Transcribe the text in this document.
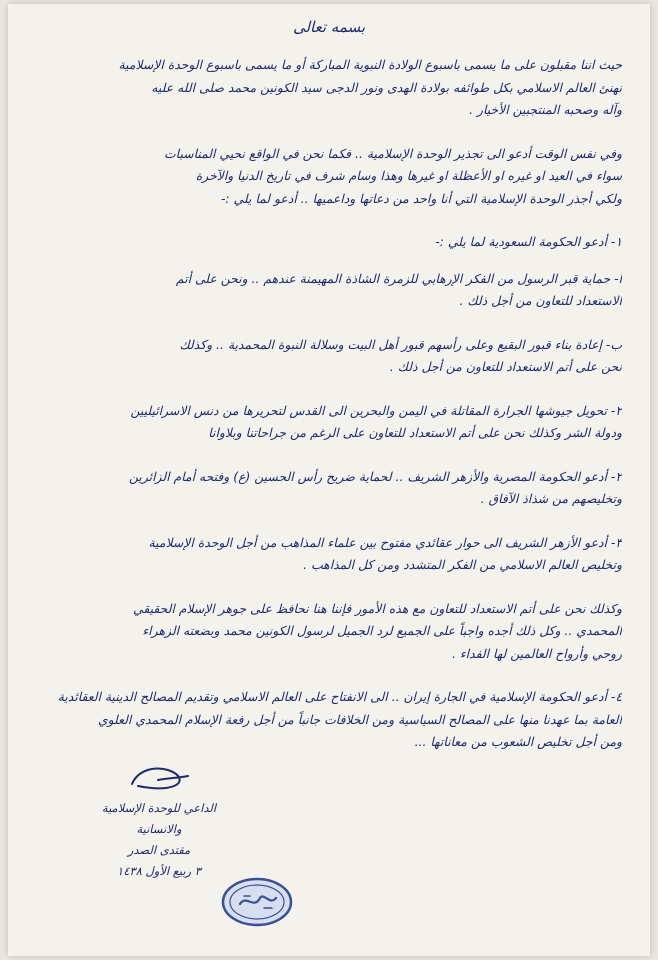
بسمه تعالى
حيث اننا مقبلون على ما يسمى باسبوع الولادة النبوية المباركة أو ما يسمى باسبوع الوحدة الإسلامية
نهنئ العالم الاسلامي بكل طوائفه بولادة الهدى ونور الدجى سيد الكونين محمد صلى الله عليه
وآله وصحبه المنتجبين الأخيار .
وفي نفس الوقت أدعو الى تجذير الوحدة الإسلامية .. فكما نحن في الواقع نحيي المناسبات
سواء في العيد او غيره او الأعظلة او غيرها وهذا وسام شرف في تاريخ الدنيا والآخرة
ولكي أجذر الوحدة الإسلامية التي أنا واحد من دعاتها وداعميها .. أدعو لما يلي :-
١- أدعو الحكومة السعودية لما يلي :-
أ- حماية قبر الرسول من الفكر الإرهابي للزمرة الشاذة المهيمنة عندهم .. ونحن على أتم
الاستعداد للتعاون من أجل ذلك .
ب- إعادة بناء قبور البقيع وعلى رأسهم قبور أهل البيت وسلالة النبوة المحمدية .. وكذلك
نحن على أتم الاستعداد للتعاون من أجل ذلك .
٢- تحويل جيوشها الجرارة المقاتلة في اليمن والبحرين الى القدس لتحريرها من دنس الاسرائيليين
ودولة الشر وكذلك نحن على أتم الاستعداد للتعاون على الرغم من جراحاتنا وبلاوانا
٢- أدعو الحكومة المصرية والأزهر الشريف .. لحماية ضريح رأس الحسين (ع) وفتحه أمام الزائرين
وتخليصهم من شذاذ الآفاق .
٣- أدعو الأزهر الشريف الى حوار عقائدي مفتوح بين علماء المذاهب من أجل الوحدة الإسلامية
وتخليص العالم الاسلامي من الفكر المتشدد ومن كل المذاهب .
وكذلك نحن على أتم الاستعداد للتعاون مع هذه الأمور فإننا هنا نحافظ على جوهر الإسلام الحقيقي
المحمدي .. وكل ذلك أجده واجباً على الجميع لرد الجميل لرسول الكونين محمد وبضعته الزهراء
روحي وأرواح العالمين لها الفداء .
٤- أدعو الحكومة الإسلامية في الجارة إيران .. الى الانفتاح على العالم الاسلامي وتقديم المصالح الدينية العقائدية
العامة بما عهدنا منها على المصالح السياسية ومن الخلافات جانباً من أجل رفعة الإسلام المحمدي العلوي
ومن أجل تخليص الشعوب من معاناتها ...
الداعي للوحدة الإسلامية
والانسانية
مقتدى الصدر
٣ ربيع الأول ١٤٣٨
